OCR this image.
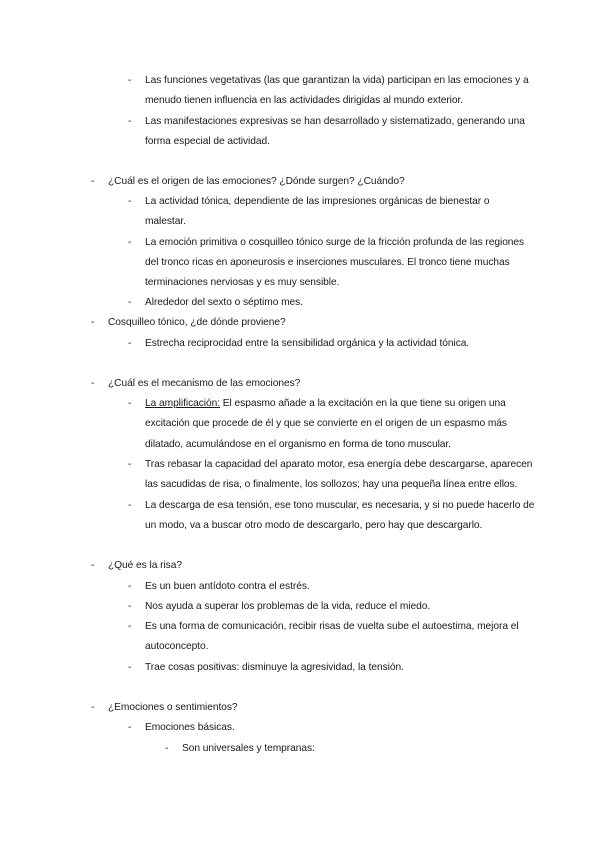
- Las funciones vegetativas (las que garantizan la vida) participan en las emociones y a
menudo tienen influencia en las actividades dirigidas al mundo exterior.
- Las manifestaciones expresivas se han desarrollado y sistematizado, generando una
forma especial de actividad.
- ¿Cuál es el origen de las emociones? ¿Dónde surgen? ¿Cuándo?
- La actividad tónica, dependiente de las impresiones orgánicas de bienestar o
malestar.
- La emoción primitiva o cosquilleo tónico surge de la fricción profunda de las regiones
del tronco ricas en aponeurosis e inserciones musculares. El tronco tiene muchas
terminaciones nerviosas y es muy sensible.
- Alrededor del sexto o séptimo mes.
- Cosquilleo tónico, ¿de dónde proviene?
- Estrecha reciprocidad entre la sensibilidad orgánica y la actividad tónica.
- ¿Cuál es el mecanismo de las emociones?
- La amplificación: El espasmo añade a la excitación en la que tiene su origen una
excitación que procede de él y que se convierte en el origen de un espasmo más
dilatado, acumulándose en el organismo en forma de tono muscular.
- Tras rebasar la capacidad del aparato motor, esa energía debe descargarse, aparecen
las sacudidas de risa, o finalmente, los sollozos; hay una pequeña línea entre ellos.
- La descarga de esa tensión, ese tono muscular, es necesaria, y si no puede hacerlo de
un modo, va a buscar otro modo de descargarlo, pero hay que descargarlo.
- ¿Qué es la risa?
- Es un buen antídoto contra el estrés.
- Nos ayuda a superar los problemas de la vida, reduce el miedo.
- Es una forma de comunicación, recibir risas de vuelta sube el autoestima, mejora el
autoconcepto.
- Trae cosas positivas: disminuye la agresividad, la tensión.
- ¿Emociones o sentimientos?
- Emociones básicas.
- Son universales y tempranas:
